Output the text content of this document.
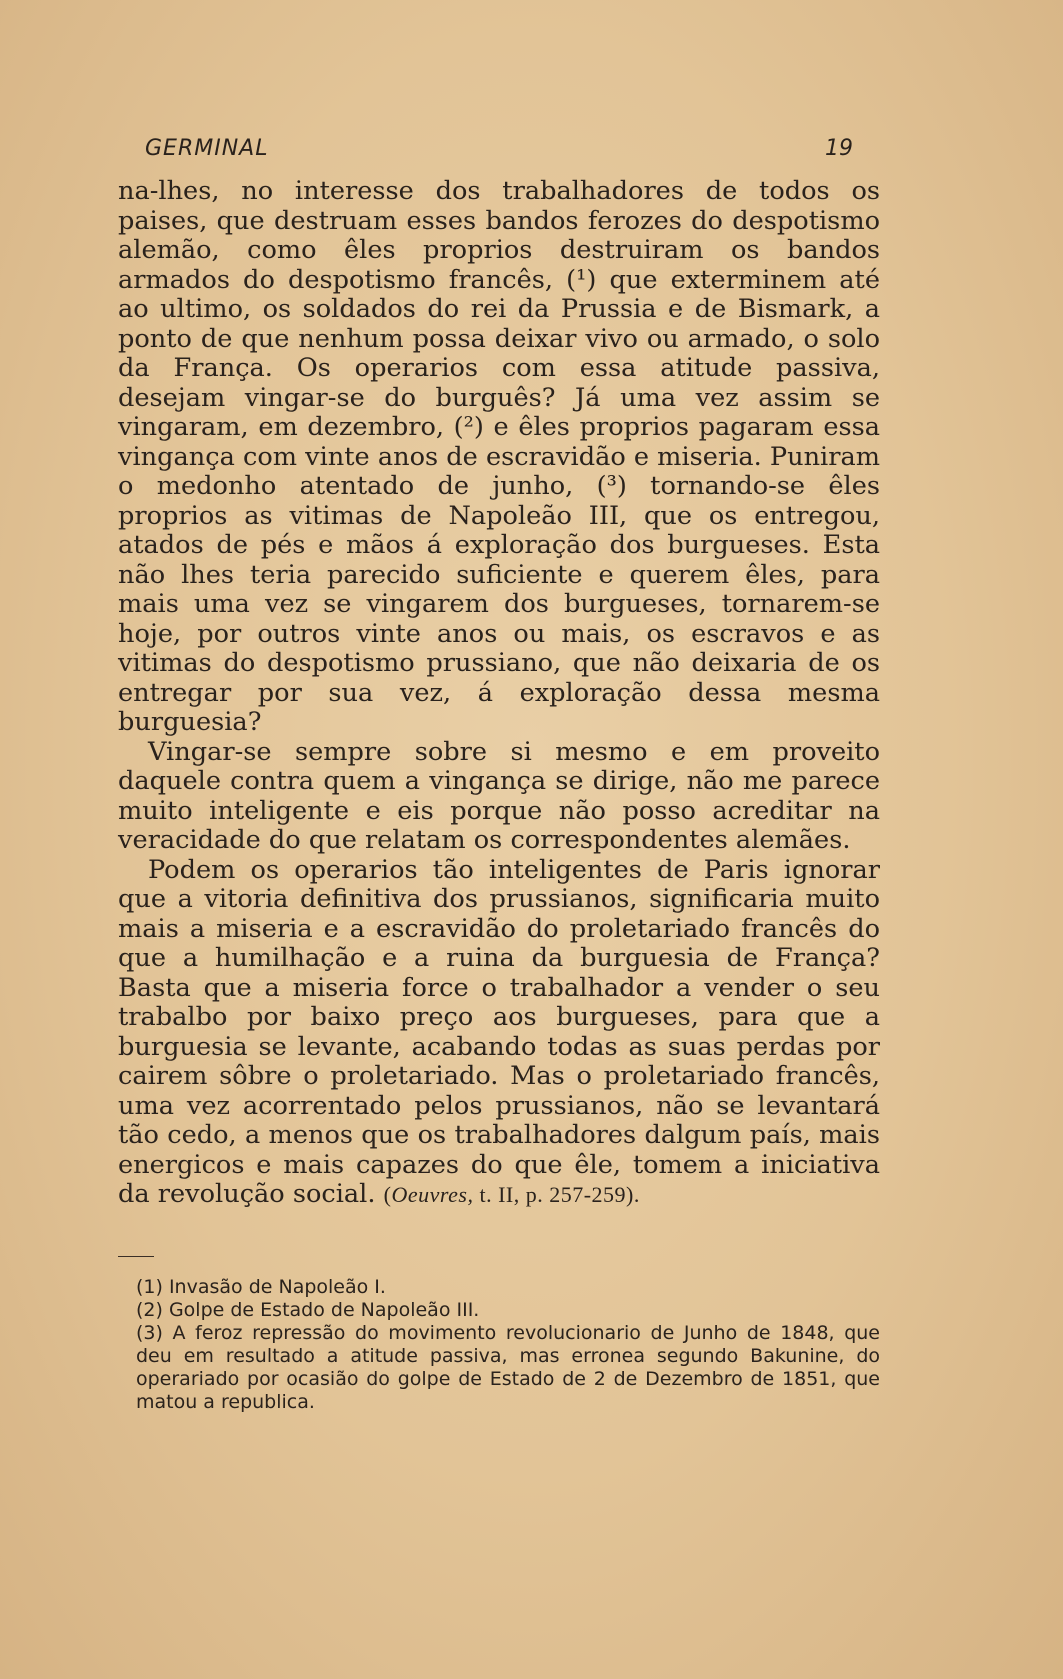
GERMINAL	19

na-lhes, no interesse dos trabalhadores de todos os paises, que destruam esses bandos ferozes do despotismo alemão, como êles proprios destruiram os bandos armados do despotismo francês, (¹) que exterminem até ao ultimo, os soldados do rei da Prussia e de Bismark, a ponto de que nenhum possa deixar vivo ou armado, o solo da França. Os operarios com essa atitude passiva, desejam vingar-se do burguês? Já uma vez assim se vingaram, em dezembro, (²) e êles proprios pagaram essa vingança com vinte anos de escravidão e miseria. Puniram o medonho atentado de junho, (³) tornando-se êles proprios as vitimas de Napoleão III, que os entregou, atados de pés e mãos á exploração dos burgueses. Esta não lhes teria parecido suficiente e querem êles, para mais uma vez se vingarem dos burgueses, tornarem-se hoje, por outros vinte anos ou mais, os escravos e as vitimas do despotismo prussiano, que não deixaria de os entregar por sua vez, á exploração dessa mesma burguesia?

Vingar-se sempre sobre si mesmo e em proveito daquele contra quem a vingança se dirige, não me parece muito inteligente e eis porque não posso acreditar na veracidade do que relatam os correspondentes alemães.

Podem os operarios tão inteligentes de Paris ignorar que a vitoria definitiva dos prussianos, significaria muito mais a miseria e a escravidão do proletariado francês do que a humilhação e a ruina da burguesia de França? Basta que a miseria force o trabalhador a vender o seu trabalbo por baixo preço aos burgueses, para que a burguesia se levante, acabando todas as suas perdas por cairem sôbre o proletariado. Mas o proletariado francês, uma vez acorrentado pelos prussianos, não se levantará tão cedo, a menos que os trabalhadores dalgum país, mais energicos e mais capazes do que êle, tomem a iniciativa da revolução social. (Oeuvres, t. II, p. 257-259).

(1) Invasão de Napoleão I.

(2) Golpe de Estado de Napoleão III.

(3) A feroz repressão do movimento revolucionario de Junho de 1848, que deu em resultado a atitude passiva, mas erronea segundo Bakunine, do operariado por ocasião do golpe de Estado de 2 de Dezembro de 1851, que matou a republica.
